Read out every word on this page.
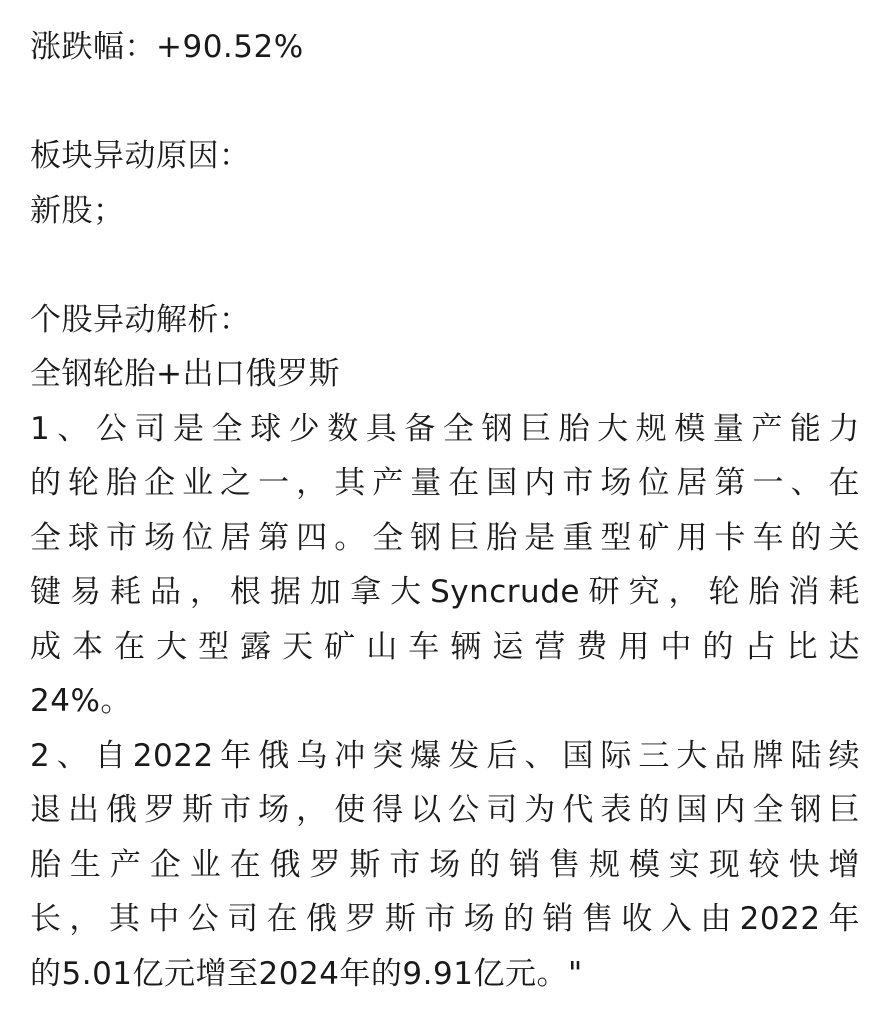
涨跌幅：+90.52%
板块异动原因：
新股；
个股异动解析：
全钢轮胎+出口俄罗斯
1、公司是全球少数具备全钢巨胎大规模量产能力
的轮胎企业之一，其产量在国内市场位居第一、在
全球市场位居第四。全钢巨胎是重型矿用卡车的关
键易耗品，根据加拿大Syncrude研究，轮胎消耗
成本在大型露天矿山车辆运营费用中的占比达
24%。
2、自2022年俄乌冲突爆发后、国际三大品牌陆续
退出俄罗斯市场，使得以公司为代表的国内全钢巨
胎生产企业在俄罗斯市场的销售规模实现较快增
长，其中公司在俄罗斯市场的销售收入由2022年
的5.01亿元增至2024年的9.91亿元。"
